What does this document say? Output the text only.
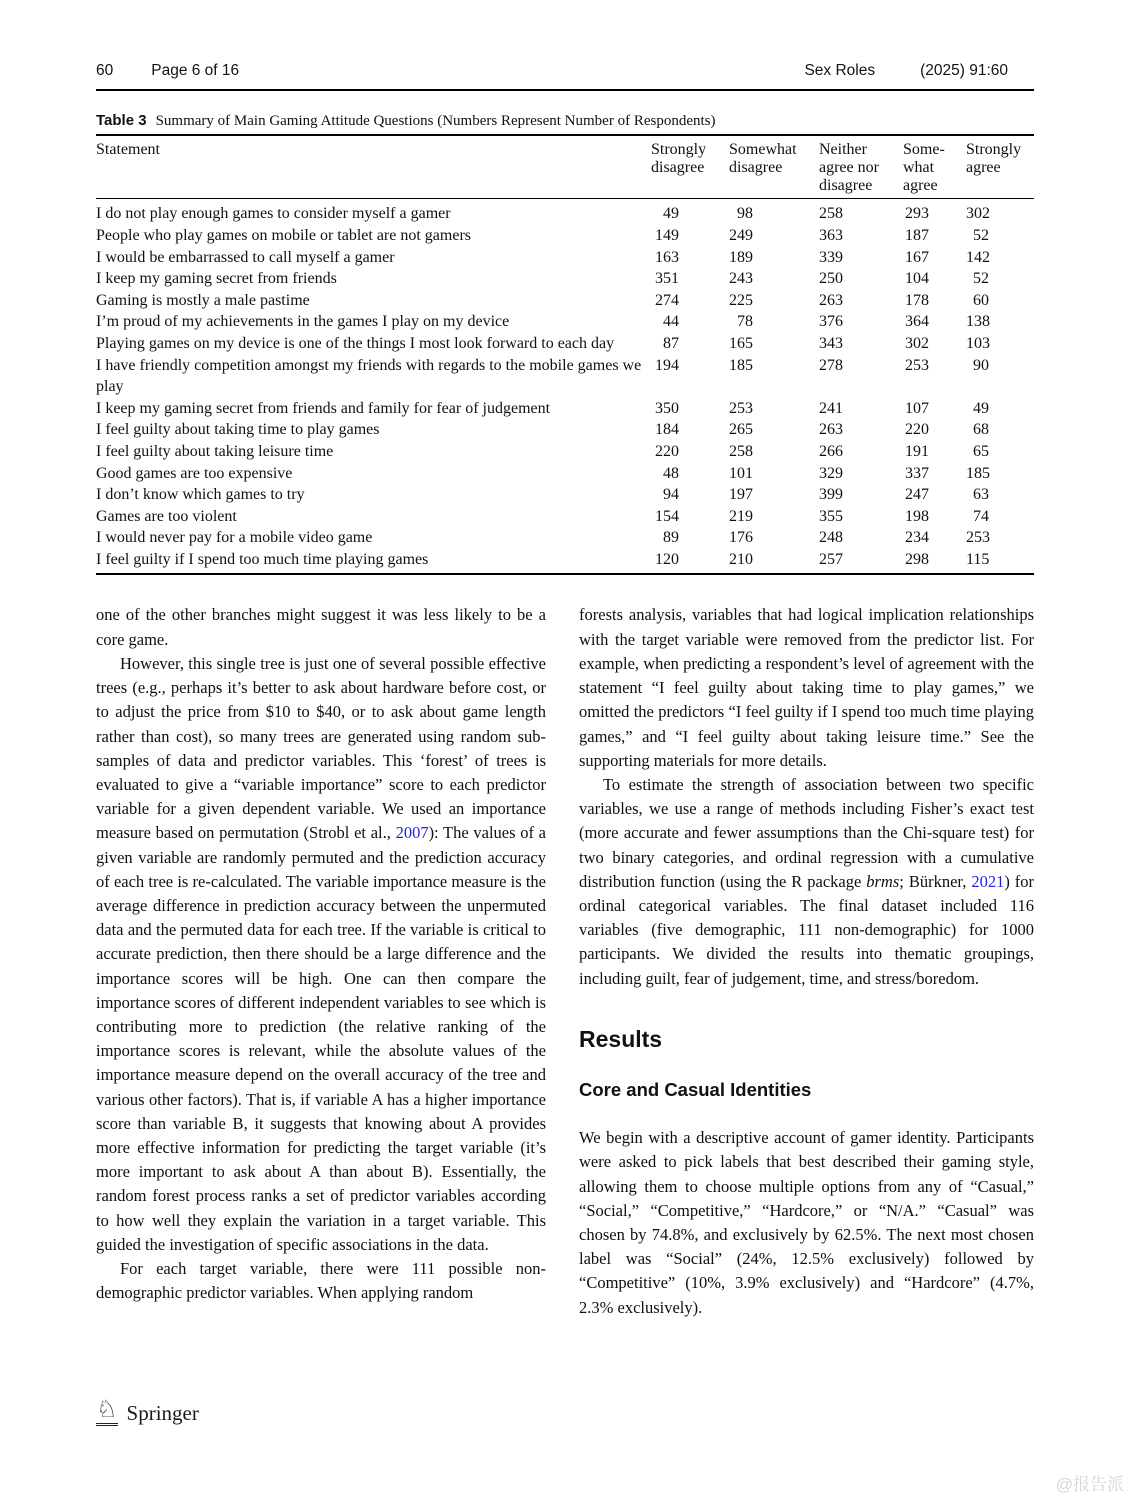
60 Page 6 of 16	Sex Roles	(2025) 91:60

Table 3 Summary of Main Gaming Attitude Questions (Numbers Represent Number of Respondents)

Statement	Strongly disagree	Somewhat disagree	Neither agree nor disagree	Some-what agree	Strongly agree
I do not play enough games to consider myself a gamer	49	98	258	293	302
People who play games on mobile or tablet are not gamers	149	249	363	187	52
I would be embarrassed to call myself a gamer	163	189	339	167	142
I keep my gaming secret from friends	351	243	250	104	52
Gaming is mostly a male pastime	274	225	263	178	60
I’m proud of my achievements in the games I play on my device	44	78	376	364	138
Playing games on my device is one of the things I most look forward to each day	87	165	343	302	103
I have friendly competition amongst my friends with regards to the mobile games we play	194	185	278	253	90
I keep my gaming secret from friends and family for fear of judgement	350	253	241	107	49
I feel guilty about taking time to play games	184	265	263	220	68
I feel guilty about taking leisure time	220	258	266	191	65
Good games are too expensive	48	101	329	337	185
I don’t know which games to try	94	197	399	247	63
Games are too violent	154	219	355	198	74
I would never pay for a mobile video game	89	176	248	234	253
I feel guilty if I spend too much time playing games	120	210	257	298	115

one of the other branches might suggest it was less likely to be a core game.

However, this single tree is just one of several possible effective trees (e.g., perhaps it’s better to ask about hardware before cost, or to adjust the price from $10 to $40, or to ask about game length rather than cost), so many trees are generated using random sub-samples of data and predictor variables. This ‘forest’ of trees is evaluated to give a “variable importance” score to each predictor variable for a given dependent variable. We used an importance measure based on permutation (Strobl et al., 2007): The values of a given variable are randomly permuted and the prediction accuracy of each tree is re-calculated. The variable importance measure is the average difference in prediction accuracy between the unpermuted data and the permuted data for each tree. If the variable is critical to accurate prediction, then there should be a large difference and the importance scores will be high. One can then compare the importance scores of different independent variables to see which is contributing more to prediction (the relative ranking of the importance scores is relevant, while the absolute values of the importance measure depend on the overall accuracy of the tree and various other factors). That is, if variable A has a higher importance score than variable B, it suggests that knowing about A provides more effective information for predicting the target variable (it’s more important to ask about A than about B). Essentially, the random forest process ranks a set of predictor variables according to how well they explain the variation in a target variable. This guided the investigation of specific associations in the data.

For each target variable, there were 111 possible non-demographic predictor variables. When applying random

forests analysis, variables that had logical implication relationships with the target variable were removed from the predictor list. For example, when predicting a respondent’s level of agreement with the statement “I feel guilty about taking time to play games,” we omitted the predictors “I feel guilty if I spend too much time playing games,” and “I feel guilty about taking leisure time.” See the supporting materials for more details.

To estimate the strength of association between two specific variables, we use a range of methods including Fisher’s exact test (more accurate and fewer assumptions than the Chi-square test) for two binary categories, and ordinal regression with a cumulative distribution function (using the R package brms; Bürkner, 2021) for ordinal categorical variables. The final dataset included 116 variables (five demographic, 111 non-demographic) for 1000 participants. We divided the results into thematic groupings, including guilt, fear of judgement, time, and stress/boredom.

Results
Core and Casual Identities

We begin with a descriptive account of gamer identity. Participants were asked to pick labels that best described their gaming style, allowing them to choose multiple options from any of “Casual,” “Social,” “Competitive,” “Hardcore,” or “N/A.” “Casual” was chosen by 74.8%, and exclusively by 62.5%. The next most chosen label was “Social” (24%, 12.5% exclusively) followed by “Competitive” (10%, 3.9% exclusively) and “Hardcore” (4.7%, 2.3% exclusively).

♘ Springer
@报告派
